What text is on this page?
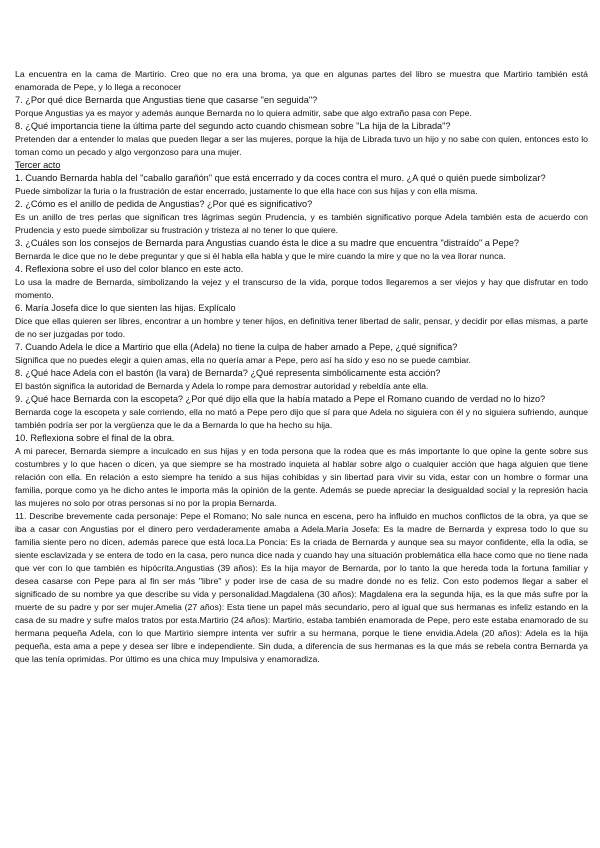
La encuentra en la cama de Martirio. Creo que no era una broma, ya que en algunas partes del libro se muestra que Martirio también está enamorada de Pepe, y lo llega a reconocer

7. ¿Por qué dice Bernarda que Angustias tiene que casarse "en seguida"?

Porque Angustias ya es mayor y además aunque Bernarda no lo quiera admitir, sabe que algo extraño pasa con Pepe.

8. ¿Qué importancia tiene la última parte del segundo acto cuando chismean sobre "La hija de la Librada"?

Pretenden dar a entender lo malas que pueden llegar a ser las mujeres, porque la hija de Librada tuvo un hijo y no sabe con quien, entonces esto lo toman como un pecado y algo vergonzoso para una mujer.

Tercer acto

1. Cuando Bernarda habla del "caballo garañón" que está encerrado y da coces contra el muro. ¿A qué o quién puede simbolizar?

Puede simbolizar la furia o la frustración de estar encerrado, justamente lo que ella hace con sus hijas y con ella misma.

2. ¿Cómo es el anillo de pedida de Angustias? ¿Por qué es significativo?

Es un anillo de tres perlas que significan tres lágrimas según Prudencia, y es también significativo porque Adela también esta de acuerdo con Prudencia y esto puede simbolizar su frustración y tristeza al no tener lo que quiere.

3. ¿Cuáles son los consejos de Bernarda para Angustias cuando ésta le dice a su madre que encuentra "distraído" a Pepe?

Bernarda le dice que no le debe preguntar y que si él habla ella habla y que le mire cuando la mire y que no la vea llorar nunca.

4. Reflexiona sobre el uso del color blanco en este acto.

Lo usa la madre de Bernarda, simbolizando la vejez y el transcurso de la vida, porque todos llegaremos a ser viejos y hay que disfrutar en todo momento.

6. María Josefa dice lo que sienten las hijas. Explícalo

Dice que ellas quieren ser libres, encontrar a un hombre y tener hijos, en definitiva tener libertad de salir, pensar, y decidir por ellas mismas, a parte de no ser juzgadas por todo.

7. Cuando Adela le dice a Martirio que ella (Adela) no tiene la culpa de haber amado a Pepe, ¿qué significa?

Significa que no puedes elegir a quien amas, ella no quería amar a Pepe, pero así ha sido y eso no se puede cambiar.

8. ¿Qué hace Adela con el bastón (la vara) de Bernarda? ¿Qué representa simbólicamente esta acción?

El bastón significa la autoridad de Bernarda y Adela lo rompe para demostrar autoridad y rebeldía ante ella.

9. ¿Qué hace Bernarda con la escopeta? ¿Por qué dijo ella que la había matado a Pepe el Romano cuando de verdad no lo hizo?

Bernarda coge la escopeta y sale corriendo, ella no mató a Pepe pero dijo que sí para que Adela no siguiera con él y no siguiera sufriendo, aunque también podría ser por la vergüenza que le da a Bernarda lo que ha hecho su hija.

10. Reflexiona sobre el final de la obra.

A mi parecer, Bernarda siempre a inculcado en sus hijas y en toda persona que la rodea que es más importante lo que opine la gente sobre sus costumbres y lo que hacen o dicen, ya que siempre se ha mostrado inquieta al hablar sobre algo o cualquier acción que haga alguien que tiene relación con ella. En relación a esto siempre ha tenido a sus hijas cohibidas y sin libertad para vivir su vida, estar con un hombre o formar una familia, porque como ya he dicho antes le importa más la opinión de la gente. Además se puede apreciar la desigualdad social y la represión hacia las mujeres no solo por otras personas si no por la propia Bernarda.

11. Describe brevemente cada personaje: Pepe el Romano; No sale nunca en escena, pero ha influido en muchos conflictos de la obra, ya que se iba a casar con Angustias por el dinero pero verdaderamente amaba a Adela.María Josefa: Es la madre de Bernarda y expresa todo lo que su familia siente pero no dicen, además parece que está loca.La Poncia: Es la criada de Bernarda y aunque sea su mayor confidente, ella la odia, se siente esclavizada y se entera de todo en la casa, pero nunca dice nada y cuando hay una situación problemática ella hace como que no tiene nada que ver con lo que también es hipócrita.Angustias (39 años): Es la hija mayor de Bernarda, por lo tanto la que hereda toda la fortuna familiar y desea casarse con Pepe para al fin ser más "libre" y poder irse de casa de su madre donde no es feliz. Con esto podemos llegar a saber el significado de su nombre ya que describe su vida y personalidad.Magdalena (30 años): Magdalena era la segunda hija, es la que más sufre por la muerte de su padre y por ser mujer.Amelia (27 años): Esta tiene un papel más secundario, pero al igual que sus hermanas es infeliz estando en la casa de su madre y sufre malos tratos por esta.Martirio (24 años): Martirio, estaba también enamorada de Pepe, pero este estaba enamorado de su hermana pequeña Adela, con lo que Martirio siempre intenta ver sufrir a su hermana, porque le tiene envidia.Adela (20 años): Adela es la hija pequeña, esta ama a pepe y desea ser libre e independiente. Sin duda, a diferencia de sus hermanas es la que más se rebela contra Bernarda ya que las tenía oprimidas. Por último es una chica muy Impulsiva y enamoradiza.
